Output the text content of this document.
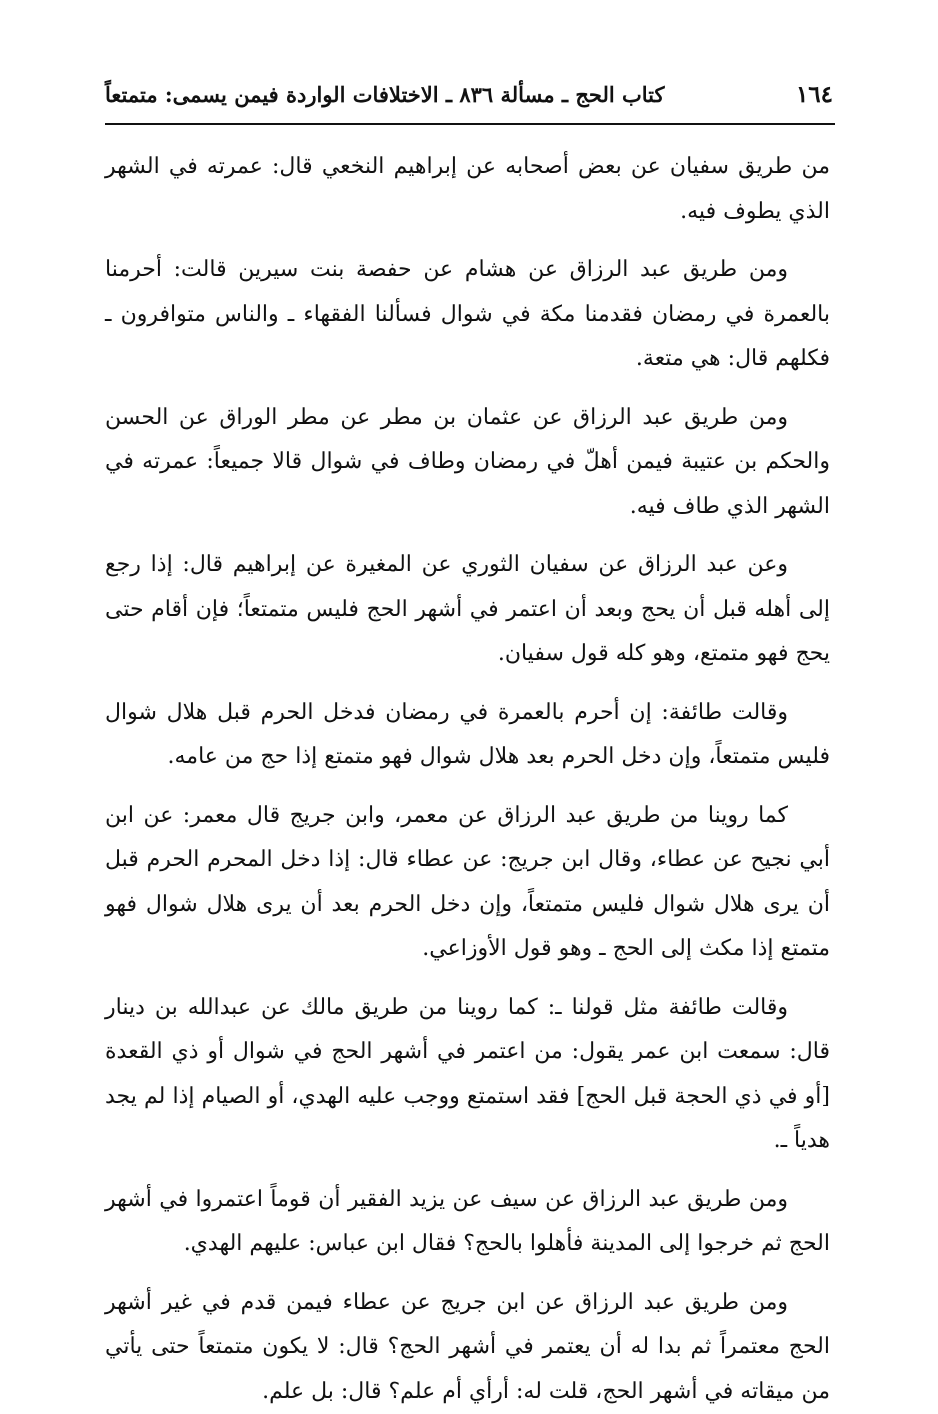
١٦٤
كتاب الحج ـ مسألة ٨٣٦ ـ الاختلافات الواردة فيمن يسمى: متمتعاً

من طريق سفيان عن بعض أصحابه عن إبراهيم النخعي قال: عمرته في الشهر الذي يطوف فيه.

ومن طريق عبد الرزاق عن هشام عن حفصة بنت سيرين قالت: أحرمنا بالعمرة في رمضان فقدمنا مكة في شوال فسألنا الفقهاء ـ والناس متوافرون ـ فكلهم قال: هي متعة.

ومن طريق عبد الرزاق عن عثمان بن مطر عن مطر الوراق عن الحسن والحكم بن عتيبة فيمن أهلّ في رمضان وطاف في شوال قالا جميعاً: عمرته في الشهر الذي طاف فيه.

وعن عبد الرزاق عن سفيان الثوري عن المغيرة عن إبراهيم قال: إذا رجع إلى أهله قبل أن يحج وبعد أن اعتمر في أشهر الحج فليس متمتعاً؛ فإن أقام حتى يحج فهو متمتع، وهو كله قول سفيان.

وقالت طائفة: إن أحرم بالعمرة في رمضان فدخل الحرم قبل هلال شوال فليس متمتعاً، وإن دخل الحرم بعد هلال شوال فهو متمتع إذا حج من عامه.

كما روينا من طريق عبد الرزاق عن معمر، وابن جريج قال معمر: عن ابن أبي نجيح عن عطاء، وقال ابن جريج: عن عطاء قال: إذا دخل المحرم الحرم قبل أن يرى هلال شوال فليس متمتعاً، وإن دخل الحرم بعد أن يرى هلال شوال فهو متمتع إذا مكث إلى الحج ـ وهو قول الأوزاعي.

وقالت طائفة مثل قولنا ـ: كما روينا من طريق مالك عن عبدالله بن دينار قال: سمعت ابن عمر يقول: من اعتمر في أشهر الحج في شوال أو ذي القعدة [أو في ذي الحجة قبل الحج] فقد استمتع ووجب عليه الهدي، أو الصيام إذا لم يجد هدياً ـ.

ومن طريق عبد الرزاق عن سيف عن يزيد الفقير أن قوماً اعتمروا في أشهر الحج ثم خرجوا إلى المدينة فأهلوا بالحج؟ فقال ابن عباس: عليهم الهدي.

ومن طريق عبد الرزاق عن ابن جريج عن عطاء فيمن قدم في غير أشهر الحج معتمراً ثم بدا له أن يعتمر في أشهر الحج؟ قال: لا يكون متمتعاً حتى يأتي من ميقاته في أشهر الحج، قلت له: أرأي أم علم؟ قال: بل علم.
